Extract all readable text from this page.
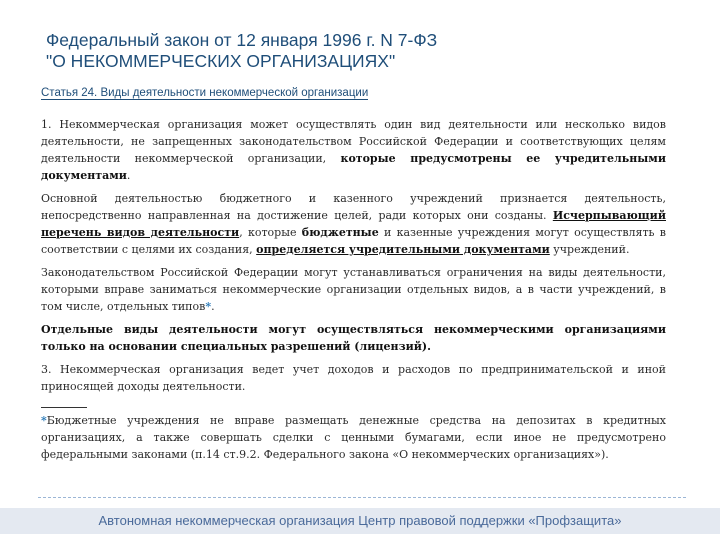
Федеральный закон от 12 января 1996 г. N 7-ФЗ
"О НЕКОММЕРЧЕСКИХ ОРГАНИЗАЦИЯХ"
Статья 24. Виды деятельности некоммерческой организации

1. Некоммерческая организация может осуществлять один вид деятельности или несколько видов деятельности, не запрещенных законодательством Российской Федерации и соответствующих целям деятельности некоммерческой организации, которые предусмотрены ее учредительными документами.

Основной деятельностью бюджетного и казенного учреждений признается деятельность, непосредственно направленная на достижение целей, ради которых они созданы. Исчерпывающий перечень видов деятельности, которые бюджетные и казенные учреждения могут осуществлять в соответствии с целями их создания, определяется учредительными документами учреждений.

Законодательством Российской Федерации могут устанавливаться ограничения на виды деятельности, которыми вправе заниматься некоммерческие организации отдельных видов, а в части учреждений, в том числе, отдельных типов*.

Отдельные виды деятельности могут осуществляться некоммерческими организациями только на основании специальных разрешений (лицензий).

3. Некоммерческая организация ведет учет доходов и расходов по предпринимательской и иной приносящей доходы деятельности.

*Бюджетные учреждения не вправе размещать денежные средства на депозитах в кредитных организациях, а также совершать сделки с ценными бумагами, если иное не предусмотрено федеральными законами (п.14 ст.9.2. Федерального закона «О некоммерческих организациях»).

Автономная некоммерческая организация Центр правовой поддержки «Профзащита»
